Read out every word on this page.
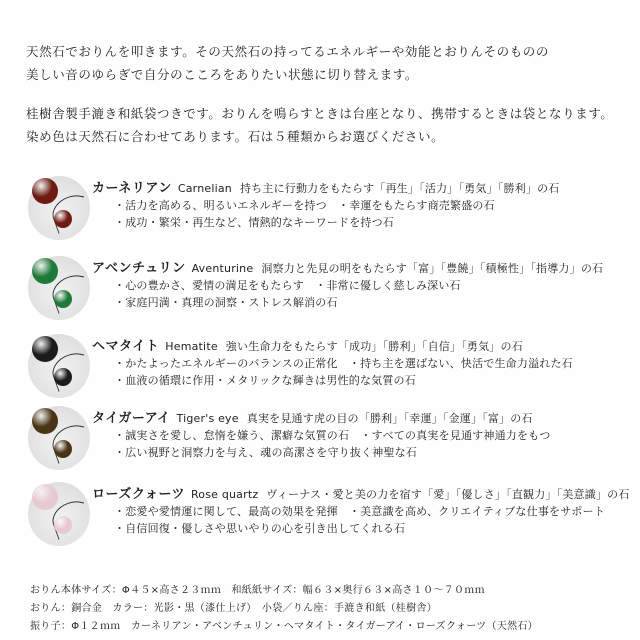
天然石でおりんを叩きます。その天然石の持ってるエネルギーや効能とおりんそのものの

美しい音のゆらぎで自分のこころをありたい状態に切り替えます。

桂樹舎製手漉き和紙袋つきです。おりんを鳴らすときは台座となり、携帯するときは袋となります。

染め色は天然石に合わせてあります。石は５種類からお選びください。

カーネリアン Carnelian 持ち主に行動力をもたらす「再生」「活力」「勇気」「勝利」の石
・活力を高める、明るいエネルギーを持つ　・幸運をもたらす商売繁盛の石
・成功・繁栄・再生など、情熱的なキーワードを持つ石
アベンチュリン Aventurine 洞察力と先見の明をもたらす「富」「豊饒」「積極性」「指導力」の石
・心の豊かさ、愛情の満足をもたらす　・非常に優しく慈しみ深い石
・家庭円満・真理の洞察・ストレス解消の石
ヘマタイト Hematite 強い生命力をもたらす「成功」「勝利」「自信」「勇気」の石
・かたよったエネルギーのバランスの正常化　・持ち主を選ばない、快活で生命力溢れた石
・血液の循環に作用・メタリックな輝きは男性的な気質の石
タイガーアイ Tiger's eye 真実を見通す虎の目の「勝利」「幸運」「金運」「富」の石
・誠実さを愛し、怠惰を嫌う、潔癖な気質の石　・すべての真実を見通す神通力をもつ
・広い視野と洞察力を与え、魂の高潔さを守り抜く神聖な石
ローズクォーツ Rose quartz ヴィーナス・愛と美の力を宿す「愛」「優しさ」「直観力」「美意識」の石
・恋愛や愛情運に関して、最高の効果を発揮　・美意識を高め、クリエイティブな仕事をサポート
・自信回復・優しさや思いやりの心を引き出してくれる石

おりん本体サイズ：Φ４５×高さ２３ｍｍ　和紙紙サイズ：幅６３×奥行６３×高さ１０～７０ｍｍ

おりん：銅合金　カラー：光影・黒（漆仕上げ）　小袋／りん座：手漉き和紙（桂樹舎）

振り子：Φ１２ｍｍ　カーネリアン・アベンチュリン・ヘマタイト・タイガーアイ・ローズクォーツ（天然石）
